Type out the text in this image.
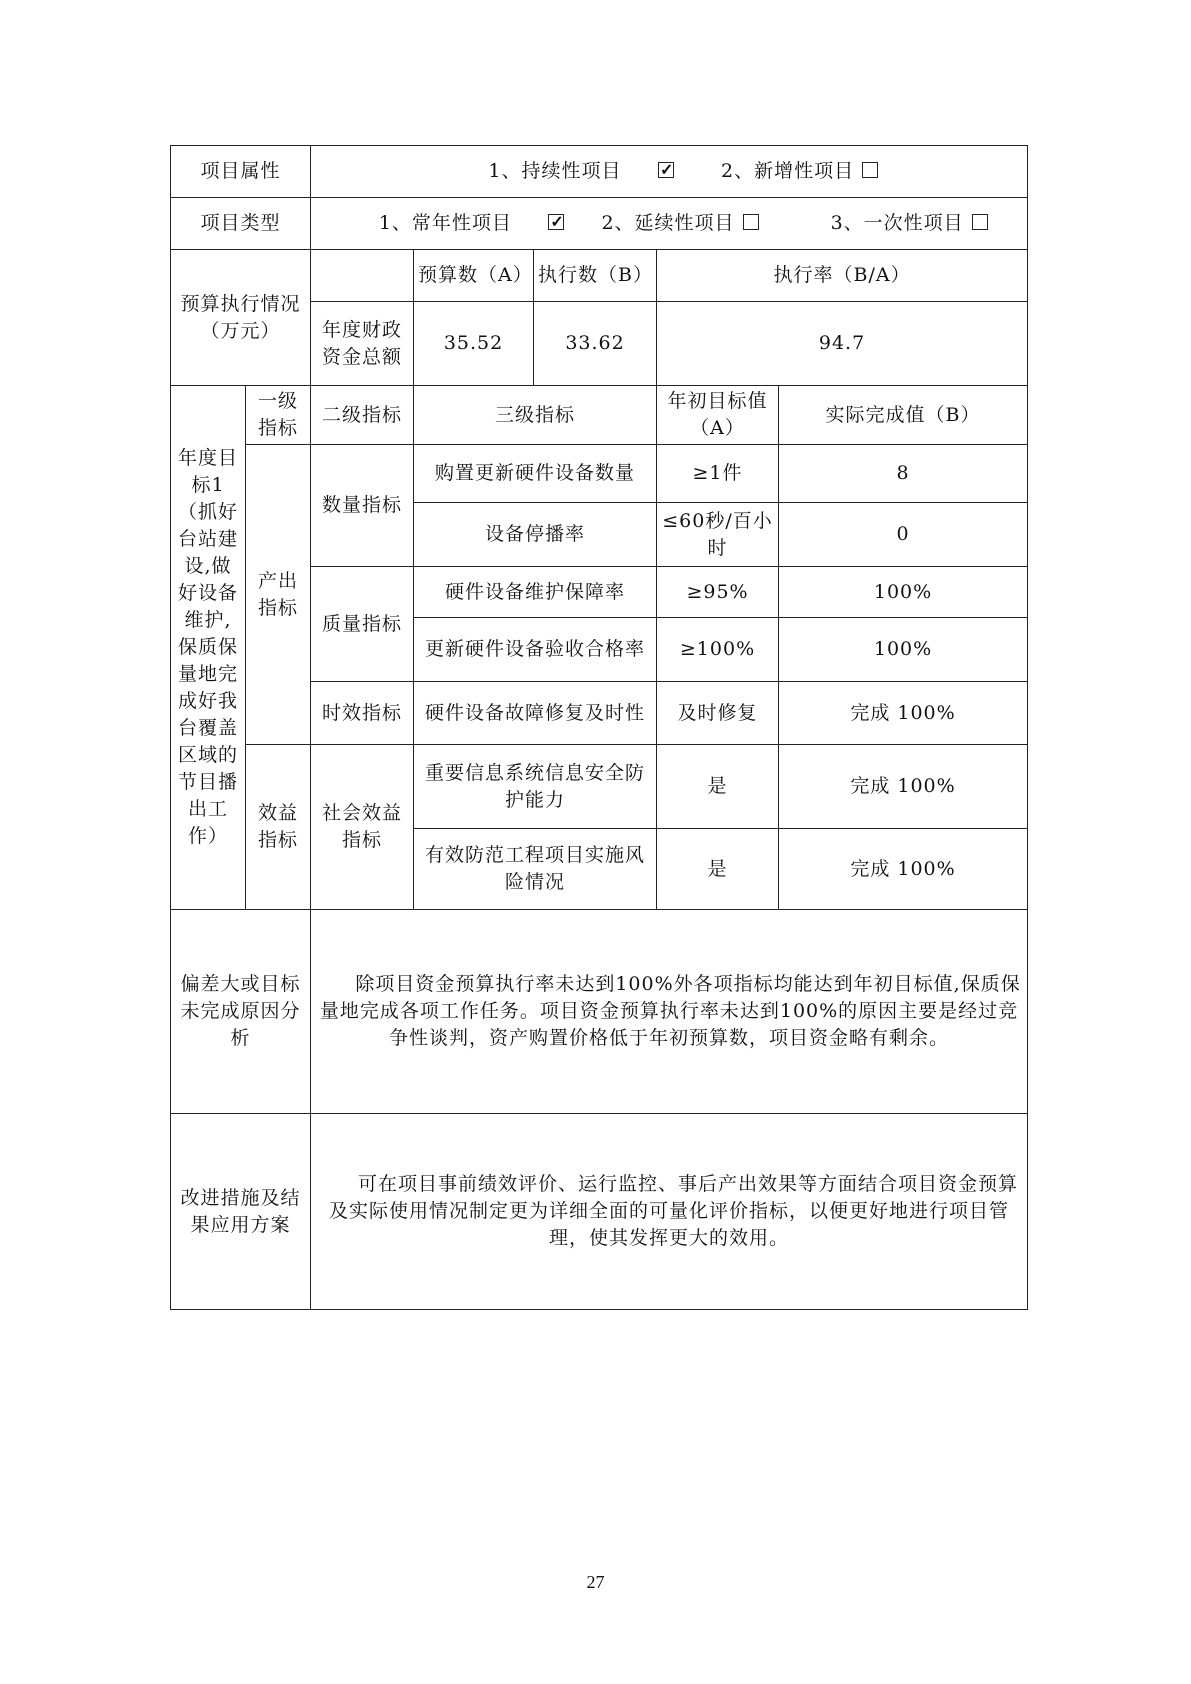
项目属性		1、持续性项目 ✓ 2、新增性项目
项目类型		1、常年性项目 ✓ 2、延续性项目 3、一次性项目
预算执行情况（万元）			预算数（A）	执行数（B）	执行率（B/A）	
		年度财政资金总额	35.52	33.62	94.7	
年度目标1（抓好台站建设,做好设备维护,保质保量地完成好我台覆盖区域的节目播出工作）	一级指标	二级指标	三级指标		年初目标值（A）	实际完成值（B）
	产出指标	数量指标	购置更新硬件设备数量		≥1件	8
			设备停播率		≤60秒/百小时	0
		质量指标	硬件设备维护保障率		≥95%	100%
			更新硬件设备验收合格率		≥100%	100%
		时效指标	硬件设备故障修复及时性		及时修复	完成 100%
	效益指标	社会效益指标	重要信息系统信息安全防护能力		是	完成 100%
			有效防范工程项目实施风险情况		是	完成 100%
偏差大或目标未完成原因分析		除项目资金预算执行率未达到100%外各项指标均能达到年初目标值,保质保量地完成各项工作任务。项目资金预算执行率未达到100%的原因主要是经过竞争性谈判，资产购置价格低于年初预算数，项目资金略有剩余。				
改进措施及结果应用方案		可在项目事前绩效评价、运行监控、事后产出效果等方面结合项目资金预算及实际使用情况制定更为详细全面的可量化评价指标，以便更好地进行项目管理，使其发挥更大的效用。				
27
